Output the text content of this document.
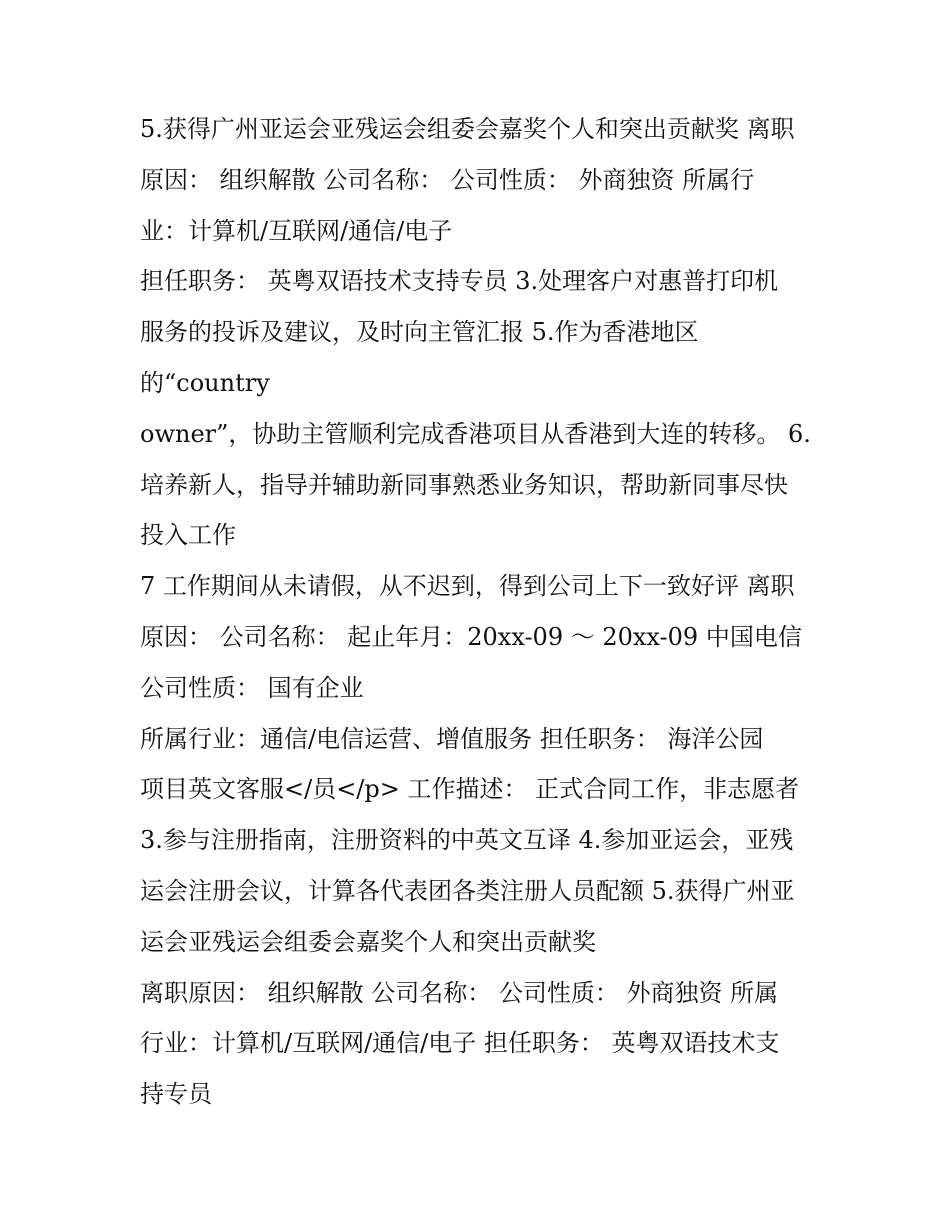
5.获得广州亚运会亚残运会组委会嘉奖个人和突出贡献奖 离职
原因： 组织解散 公司名称： 公司性质： 外商独资 所属行
业：计算机/互联网/通信/电子
担任职务： 英粤双语技术支持专员 3.处理客户对惠普打印机
服务的投诉及建议，及时向主管汇报 5.作为香港地区
的“country
owner”，协助主管顺利完成香港项目从香港到大连的转移。 6.
培养新人，指导并辅助新同事熟悉业务知识，帮助新同事尽快
投入工作
7 工作期间从未请假，从不迟到，得到公司上下一致好评 离职
原因： 公司名称： 起止年月：20xx-09 ～ 20xx-09 中国电信
公司性质： 国有企业
所属行业：通信/电信运营、增值服务 担任职务： 海洋公园
项目英文客服</员</p> 工作描述： 正式合同工作，非志愿者
3.参与注册指南，注册资料的中英文互译 4.参加亚运会，亚残
运会注册会议，计算各代表团各类注册人员配额 5.获得广州亚
运会亚残运会组委会嘉奖个人和突出贡献奖
离职原因： 组织解散 公司名称： 公司性质： 外商独资 所属
行业：计算机/互联网/通信/电子 担任职务： 英粤双语技术支
持专员
